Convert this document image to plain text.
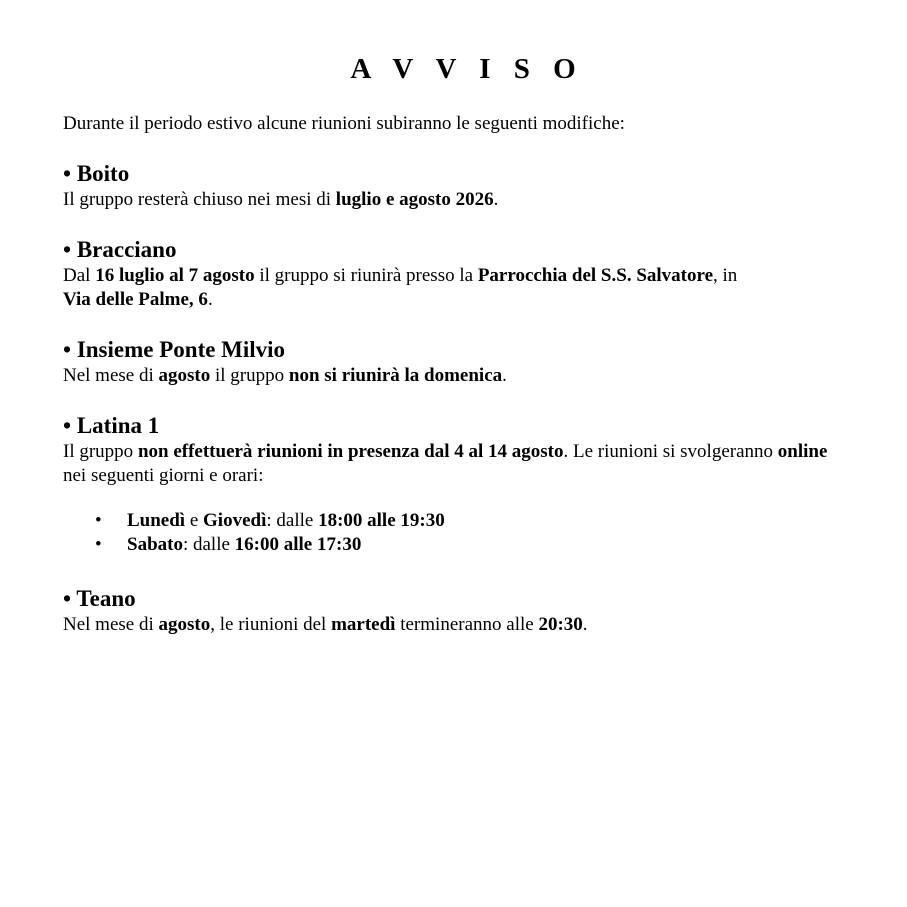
A V V I S O
Durante il periodo estivo alcune riunioni subiranno le seguenti modifiche:
• Boito
Il gruppo resterà chiuso nei mesi di luglio e agosto 2026.
• Bracciano
Dal 16 luglio al 7 agosto il gruppo si riunirà presso la Parrocchia del S.S. Salvatore, in
Via delle Palme, 6.
• Insieme Ponte Milvio
Nel mese di agosto il gruppo non si riunirà la domenica.
• Latina 1
Il gruppo non effettuerà riunioni in presenza dal 4 al 14 agosto. Le riunioni si svolgeranno online nei seguenti giorni e orari:
• Lunedì e Giovedì: dalle 18:00 alle 19:30
• Sabato: dalle 16:00 alle 17:30
• Teano
Nel mese di agosto, le riunioni del martedì termineranno alle 20:30.
